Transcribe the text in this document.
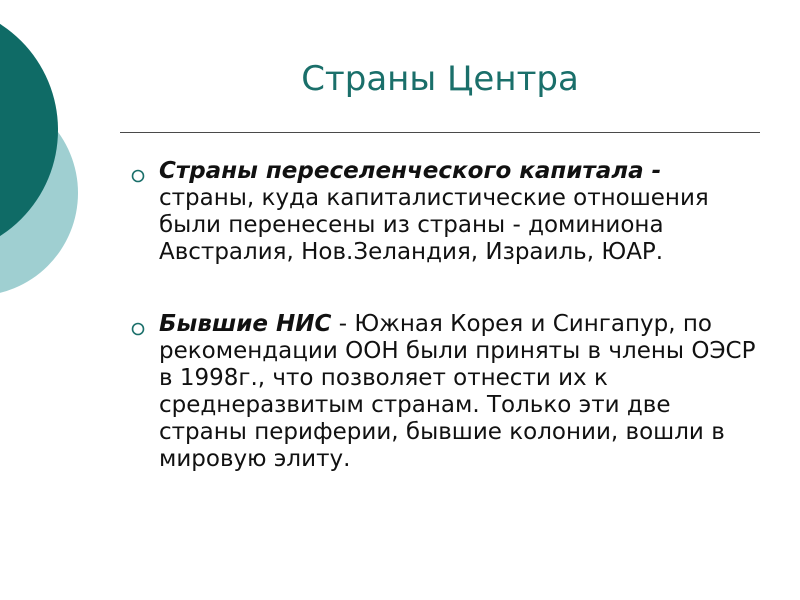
Страны Центра
Страны переселенческого капитала - страны, куда капиталистические отношения были перенесены из страны - доминиона Австралия, Нов.Зеландия, Израиль, ЮАР.
Бывшие НИС - Южная Корея и Сингапур, по рекомендации ООН были приняты в члены ОЭСР в 1998г., что позволяет отнести их к среднеразвитым странам. Только эти две страны периферии, бывшие колонии, вошли в мировую элиту.
